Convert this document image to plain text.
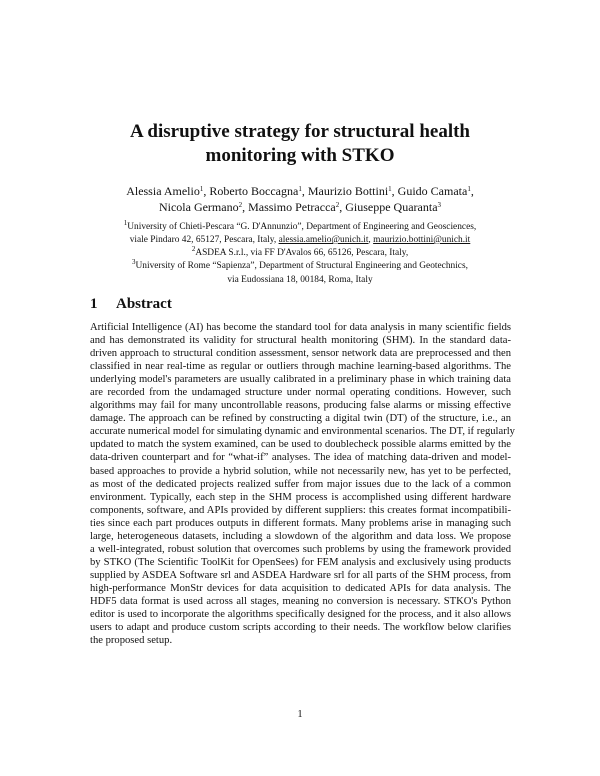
A disruptive strategy for structural health
monitoring with STKO
Alessia Amelio$^1$, Roberto Boccagna$^1$, Maurizio Bottini$^1$, Guido Camata$^1$,
Nicola Germano$^2$, Massimo Petracca$^2$, Giuseppe Quaranta$^3$
$^1$University of Chieti-Pescara “G. D'Annunzio”, Department of Engineering and Geosciences,
viale Pindaro 42, 65127, Pescara, Italy, alessia.amelio@unich.it, maurizio.bottini@unich.it
$^2$ASDEA S.r.l., via FF D'Avalos 66, 65126, Pescara, Italy,
$^3$University of Rome “Sapienza”, Department of Structural Engineering and Geotechnics,
via Eudossiana 18, 00184, Roma, Italy
1 Abstract
Artificial Intelligence (AI) has become the standard tool for data analysis in many scientific fields
and has demonstrated its validity for structural health monitoring (SHM). In the standard data-
driven approach to structural condition assessment, sensor network data are preprocessed and then
classified in near real-time as regular or outliers through machine learning-based algorithms. The
underlying model's parameters are usually calibrated in a preliminary phase in which training data
are recorded from the undamaged structure under normal operating conditions. However, such
algorithms may fail for many uncontrollable reasons, producing false alarms or missing effective
damage. The approach can be refined by constructing a digital twin (DT) of the structure, i.e., an
accurate numerical model for simulating dynamic and environmental scenarios. The DT, if regularly
updated to match the system examined, can be used to doublecheck possible alarms emitted by the
data-driven counterpart and for “what-if” analyses. The idea of matching data-driven and model-
based approaches to provide a hybrid solution, while not necessarily new, has yet to be perfected,
as most of the dedicated projects realized suffer from major issues due to the lack of a common
environment. Typically, each step in the SHM process is accomplished using different hardware
components, software, and APIs provided by different suppliers: this creates format incompatibili-
ties since each part produces outputs in different formats. Many problems arise in managing such
large, heterogeneous datasets, including a slowdown of the algorithm and data loss. We propose
a well-integrated, robust solution that overcomes such problems by using the framework provided
by STKO (The Scientific ToolKit for OpenSees) for FEM analysis and exclusively using products
supplied by ASDEA Software srl and ASDEA Hardware srl for all parts of the SHM process, from
high-performance MonStr devices for data acquisition to dedicated APIs for data analysis. The
HDF5 data format is used across all stages, meaning no conversion is necessary. STKO's Python
editor is used to incorporate the algorithms specifically designed for the process, and it also allows
users to adapt and produce custom scripts according to their needs. The workflow below clarifies
the proposed setup.
1
